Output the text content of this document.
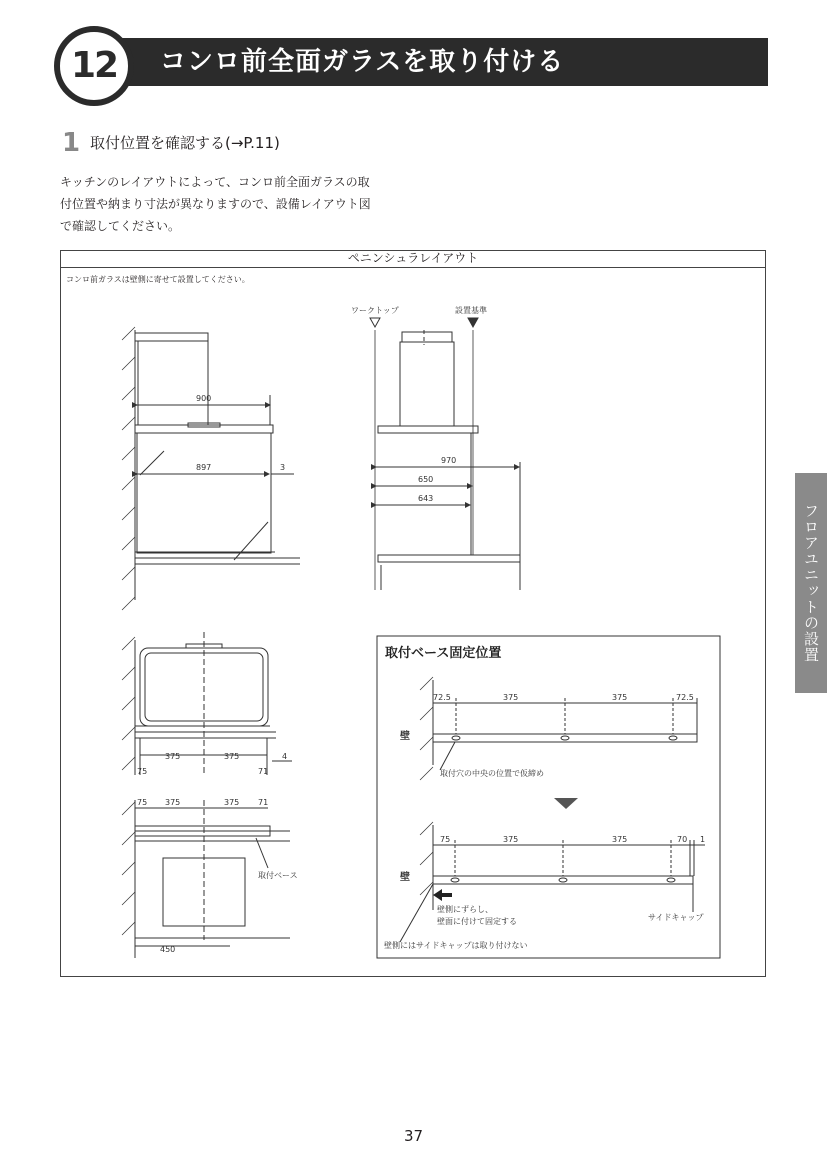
コンロ前全面ガラスを取り付ける
12
1 取付位置を確認する(→P.11)
キッチンのレイアウトによって、コンロ前全面ガラスの取
付位置や納まり寸法が異なりますので、設備レイアウト図
で確認してください。
ペニンシュラレイアウト
コンロ前ガラスは壁側に寄せて設置してください。
900
897	3
ワークトップ	設置基準
970
650
643
375	375	4
75	71
75 375	375 71
取付ベース
450
72.5	375	375	72.5
取付穴の中央の位置で仮締め
75	375	375	70 1
壁側にずらし、
壁面に付けて固定する	サイドキャップ
壁側にはサイドキャップは取り付けない
壁
壁
取付ベース固定位置	フロアユニットの設置
37
